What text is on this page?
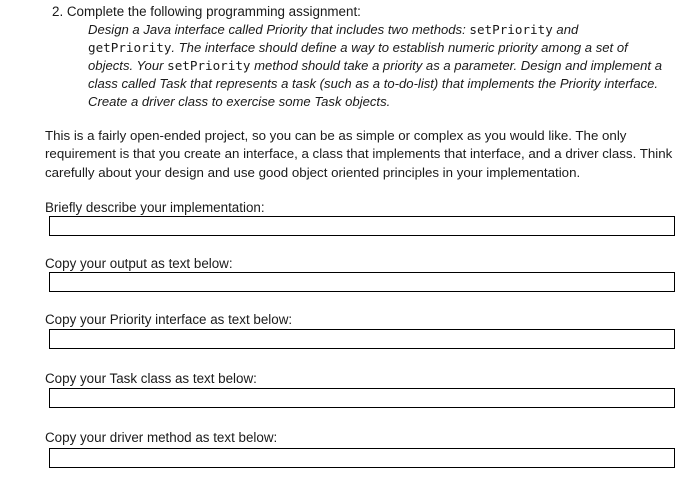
2. Complete the following programming assignment:
Design a Java interface called Priority that includes two methods: setPriority and getPriority. The interface should define a way to establish numeric priority among a set of objects. Your setPriority method should take a priority as a parameter. Design and implement a class called Task that represents a task (such as a to-do-list) that implements the Priority interface. Create a driver class to exercise some Task objects.
This is a fairly open-ended project, so you can be as simple or complex as you would like. The only requirement is that you create an interface, a class that implements that interface, and a driver class. Think carefully about your design and use good object oriented principles in your implementation.
Briefly describe your implementation:
Copy your output as text below:
Copy your Priority interface as text below:
Copy your Task class as text below:
Copy your driver method as text below:
